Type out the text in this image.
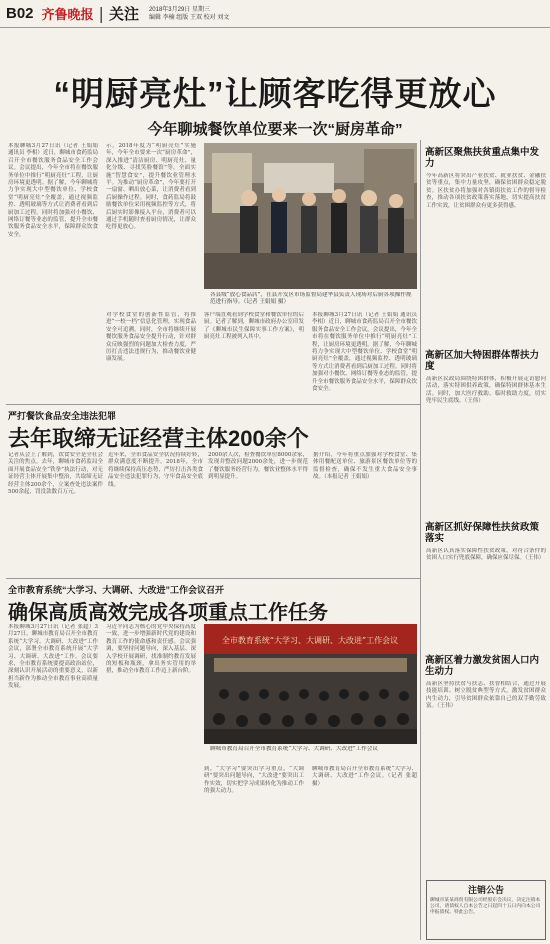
B02 齐鲁晚报 | 关注 2018年3月29日 星期三
编辑 李楠 组版 王双 校对 刘文
“明厨亮灶”让顾客吃得更放心
今年聊城餐饮单位要来一次“厨房革命”
本报聊城3月27日讯（记者 王娟娟 通讯员 李相）近日，聊城市食药监局召开全市餐饮服务食品安全工作会议。会议提出，今年全市将在餐饮服务单位中推行“明厨亮灶”工程，让厨房环境更透明。据了解，今年聊城将力争实现大中型餐饮单位、学校食堂“明厨亮灶”全覆盖，通过视频监控、透明玻璃等方式让消费者看到后厨加工过程。同时将加强对小餐饮、网络订餐等业态的监管，提升全市餐饮服务食品安全水平，保障群众饮食安全。
示，2018年度为“明厨亮灶”实施年，今年全市要来一次“厨房革命”，深入推进“清洁厨房、明厨亮灶、量化分级、寻找笑脸餐馆”等，全面实施“智慧食安”，提升餐饮业管理水平。为推动“厨房革命”，今年要打开一扇窗、晒出放心菜，让消费者看到后厨操作过程。同时，食药监局将鼓励餐饮单位采用视频监控等方式，将后厨实时影像接入平台，消费者可以通过手机随时查看厨房情况，让群众吃得更放心。
各县级“放心食品店”，在县开发区市场监督局建华县负责人现场对后厨各项操作规范进行指导。（记者 王娟娟 摄）
对学校食堂的创新性监管，将推进“一校一档”信息化管理，实现食品安全可追溯。同时，全市将继续开展餐饮服务食品安全提升行动，针对群众反映强烈的问题加大检查力度，严厉打击违法违规行为，推动餐饮业健康发展。
客户端直观看到学校食堂和餐饮单位的后厨。记者了解到，聊城市政府办公室印发了《聊城市民生保障实事工作方案》，明厨亮灶工程被列入其中。
本报聊城3月27日讯（记者 王娟娟 通讯员 李相）近日，聊城市食药监局召开全市餐饮服务食品安全工作会议。会议提出，今年全市将在餐饮服务单位中推行“明厨亮灶”工程，让厨房环境更透明。据了解，今年聊城将力争实现大中型餐饮单位、学校食堂“明厨亮灶”全覆盖，通过视频监控、透明玻璃等方式让消费者看到后厨加工过程。同时将加强对小餐饮、网络订餐等业态的监管，提升全市餐饮服务食品安全水平，保障群众饮食安全。
严打餐饮食品安全违法犯罪
去年取缔无证经营主体200余个
记者从会上了解到，饮食安全是全社会关注的焦点。去年，聊城市食药监局全面开展食品安全“铁拳”执法行动，对无证经营主体开展集中整治，共取缔无证经营主体200余个，立案查处违法案件500余起，罚没款数百万元。
近年来，全市食品安全状况持续好转，群众满意度不断提升。2018年，全市将继续保持高压态势，严厉打击各类食品安全违法犯罪行为，守牢食品安全底线。
2000余人次，检查餐饮单位8000余家，发现并整改问题2000余处，进一步规范了餐饮服务经营行为，餐饮业整体水平得到明显提升。
据介绍，今年将重点加强对学校食堂、集体用餐配送单位、旅游景区餐饮单位等的监督检查，确保不发生重大食品安全事故。（本报记者 王娟娟）
全市教育系统“大学习、大调研、大改进”工作会议召开
确保高质高效完成各项重点工作任务
本报聊城3月27日讯（记者 张超）3月27日，聊城市教育局召开全市教育系统“大学习、大调研、大改进”工作会议，部署全市教育系统开展“大学习、大调研、大改进”工作。会议要求，全市教育系统要提高政治站位，深刻认识开展活动的重要意义，以新担当新作为推动全市教育事业高质量发展。
习近平同志为核心的党中央保持高度一致，进一步增强新时代党的建设和教育工作的使命感和责任感。会议强调，要坚持问题导向，深入基层、深入学校开展调研，找准制约教育发展的短板和瓶颈，拿出务实管用的举措，推动全市教育工作迈上新台阶。
全市教育系统“大学习、大调研、大改进”工作会议
聊城市教育局召开全市教育系统“大学习、大调研、大改进”工作会议
到，“大学习”要突出学习重点，“大调研”要突出问题导向，“大改进”要突出工作实效，切实把学习成果转化为推动工作的强大动力。
聊城市教育局召开全市教育系统“大学习、大调研、大改进”工作会议。（记者 张超 摄）
高新区聚焦扶贫重点集中发力
今年高新区将突出产业扶贫、就业扶贫、金融扶贫等重点，集中力量攻坚，确保贫困群众稳定脱贫。区扶贫办将加强对各镇街扶贫工作的督导检查，推动各项扶贫政策落实落地，切实提高扶贫工作实效，让贫困群众有更多获得感。
高新区加大特困群体帮扶力度
高新区民政局围绕特困群体，积极开展走访慰问活动，落实特困供养政策，确保特困群体基本生活。同时，加大医疗救助、临时救助力度，切实兜牢民生底线。（王伟）
高新区抓好保障性扶贫政策落实
高新区认真落实保障性扶贫政策，对符合条件的贫困人口实行兜底保障，确保应保尽保。（王伟）
高新区着力激发贫困人口内生动力
高新区坚持扶贫与扶志、扶智相结合，通过开展技能培训、树立脱贫典型等方式，激发贫困群众内生动力，引导贫困群众依靠自己的双手勤劳致富。（王伟）
注销公告
聊城市某某商贸有限公司经股东会决议，决定注销本公司，请债权人自本公告之日起四十五日内向本公司申报债权。特此公告。
